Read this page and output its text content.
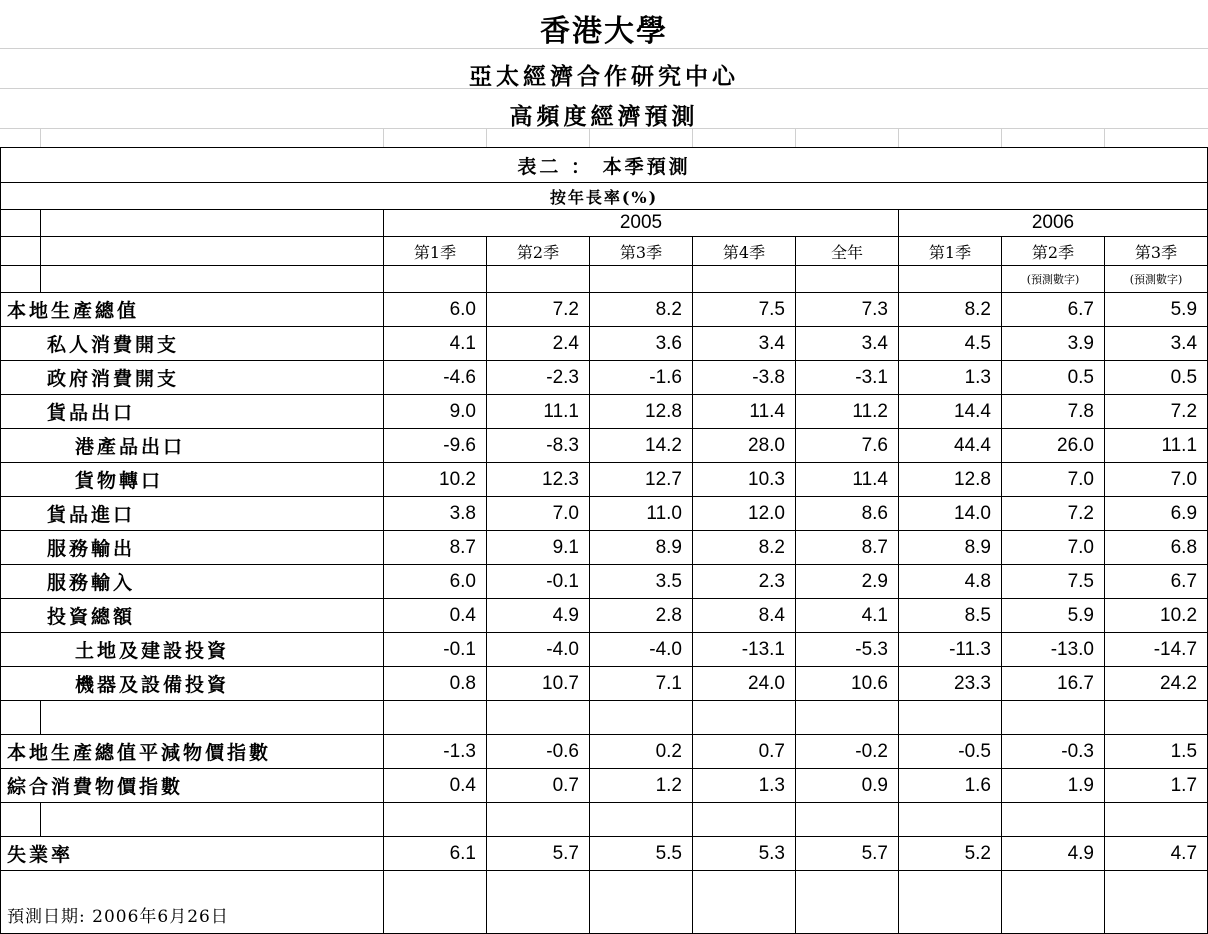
香港大學
亞太經濟合作研究中心
高頻度經濟預測
表二 ： 本季預測									
按年長率(%)									
		2005					2006		
		第1季	第2季	第3季	第4季	全年	第1季	第2季	第3季
								(預測數字)	(預測數字)
本地生產總值		6.0	7.2	8.2	7.5	7.3	8.2	6.7	5.9
私人消費開支		4.1	2.4	3.6	3.4	3.4	4.5	3.9	3.4
政府消費開支		-4.6	-2.3	-1.6	-3.8	-3.1	1.3	0.5	0.5
貨品出口		9.0	11.1	12.8	11.4	11.2	14.4	7.8	7.2
港產品出口		-9.6	-8.3	14.2	28.0	7.6	44.4	26.0	11.1
貨物轉口		10.2	12.3	12.7	10.3	11.4	12.8	7.0	7.0
貨品進口		3.8	7.0	11.0	12.0	8.6	14.0	7.2	6.9
服務輸出		8.7	9.1	8.9	8.2	8.7	8.9	7.0	6.8
服務輸入		6.0	-0.1	3.5	2.3	2.9	4.8	7.5	6.7
投資總額		0.4	4.9	2.8	8.4	4.1	8.5	5.9	10.2
土地及建設投資		-0.1	-4.0	-4.0	-13.1	-5.3	-11.3	-13.0	-14.7
機器及設備投資		0.8	10.7	7.1	24.0	10.6	23.3	16.7	24.2

本地生產總值平減物價指數		-1.3	-0.6	0.2	0.7	-0.2	-0.5	-0.3	1.5
綜合消費物價指數		0.4	0.7	1.2	1.3	0.9	1.6	1.9	1.7

失業率		6.1	5.7	5.5	5.3	5.7	5.2	4.9	4.7
預測日期: 2006年6月26日									
